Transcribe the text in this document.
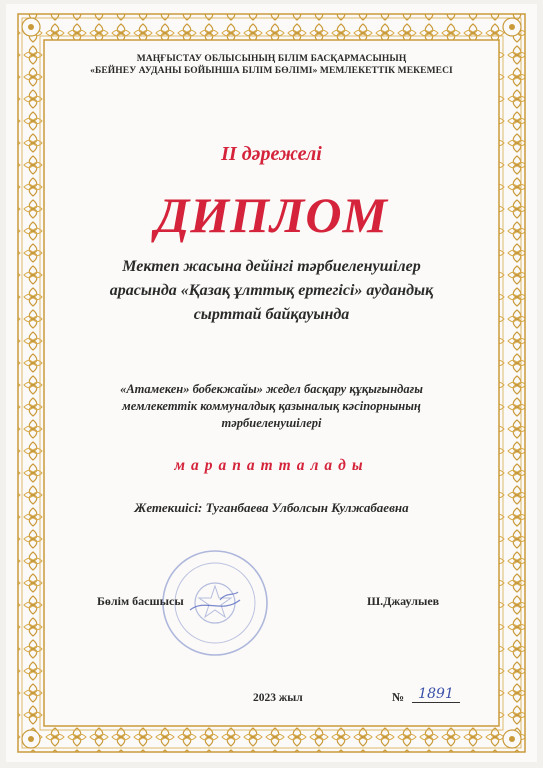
МАҢҒЫСТАУ ОБЛЫСЫНЫҢ БІЛІМ БАСҚАРМАСЫНЫҢ
«БЕЙНЕУ АУДАНЫ БОЙЫНША БІЛІМ БӨЛІМІ» МЕМЛЕКЕТТІК МЕКЕМЕСІ
II дәрежелі
ДИПЛОМ
Мектеп жасына дейінгі тәрбиеленушілер
арасында «Қазақ ұлттық ертегісі» аудандық
сырттай байқауында
«Атамекен» бобекжайы» жедел басқару құқығындағы
мемлекеттік коммуналдық қазыналық кәсіпорнының
тәрбиеленушілері
марапатталады
Жетекшісі: Туганбаева Улболсын Кулжабаевна
Бөлім басшысы	Ш.Джаулыев
2023 жыл	№	1891
